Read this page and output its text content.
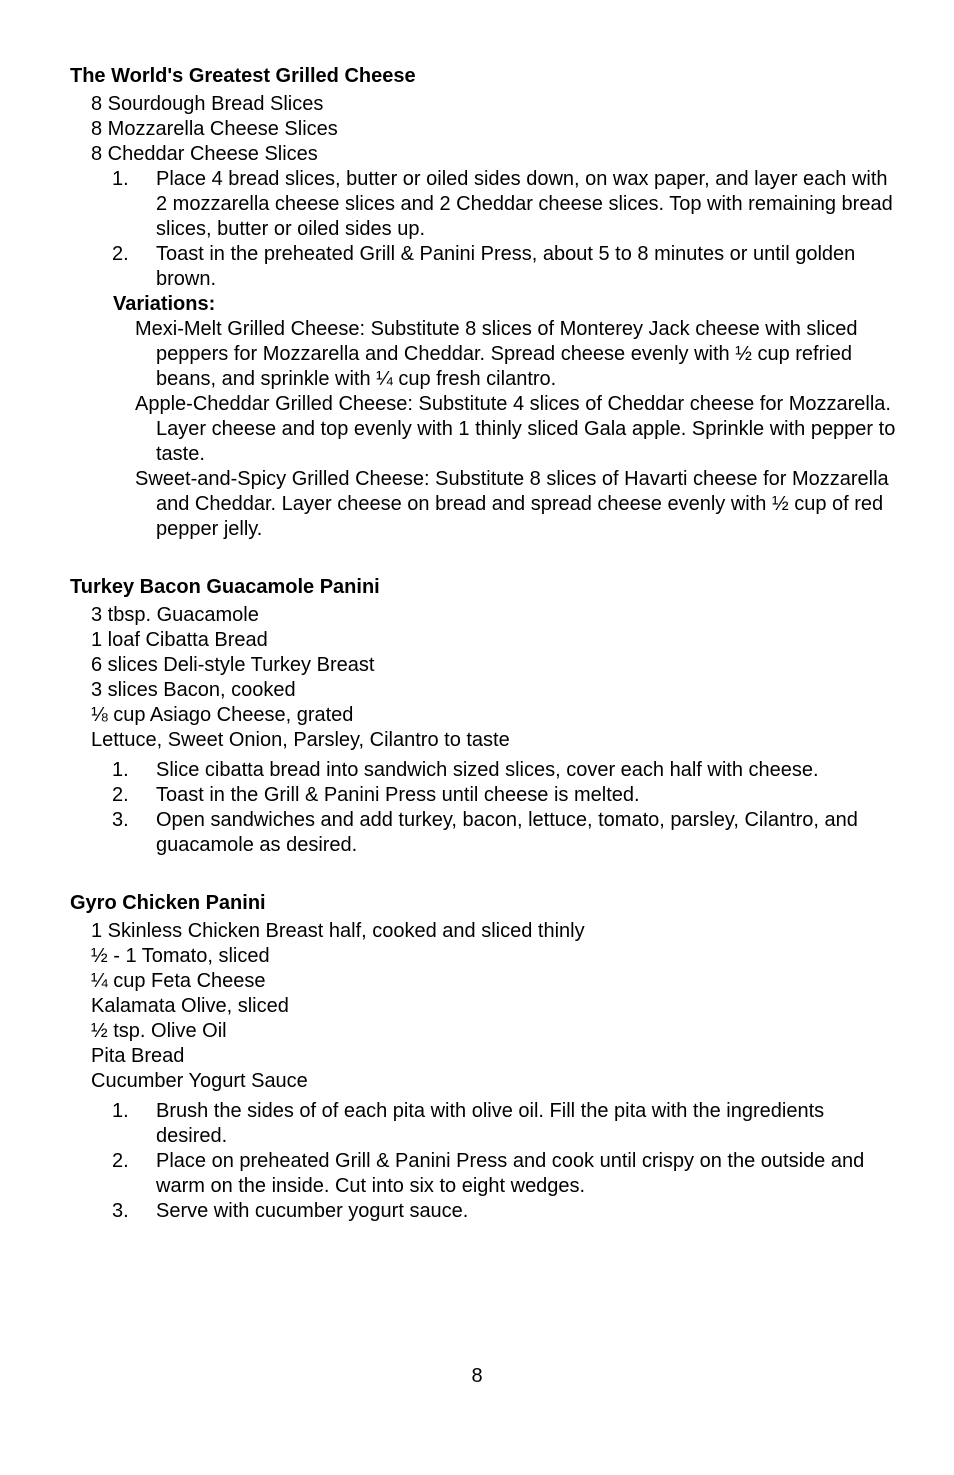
The World's Greatest Grilled Cheese
8 Sourdough Bread Slices
8 Mozzarella Cheese Slices
8 Cheddar Cheese Slices
1. Place 4 bread slices, butter or oiled sides down, on wax paper, and layer each with 2 mozzarella cheese slices and 2 Cheddar cheese slices. Top with remaining bread slices, butter or oiled sides up.
2. Toast in the preheated Grill & Panini Press, about 5 to 8 minutes or until golden brown.
Variations:
Mexi-Melt Grilled Cheese: Substitute 8 slices of Monterey Jack cheese with sliced peppers for Mozzarella and Cheddar. Spread cheese evenly with ½ cup refried beans, and sprinkle with ¼ cup fresh cilantro.
Apple-Cheddar Grilled Cheese: Substitute 4 slices of Cheddar cheese for Mozzarella. Layer cheese and top evenly with 1 thinly sliced Gala apple. Sprinkle with pepper to taste.
Sweet-and-Spicy Grilled Cheese: Substitute 8 slices of Havarti cheese for Mozzarella and Cheddar. Layer cheese on bread and spread cheese evenly with ½ cup of red pepper jelly.
Turkey Bacon Guacamole Panini
3 tbsp. Guacamole
1 loaf Cibatta Bread
6 slices Deli-style Turkey Breast
3 slices Bacon, cooked
⅛ cup Asiago Cheese, grated
Lettuce, Sweet Onion, Parsley, Cilantro to taste
1. Slice cibatta bread into sandwich sized slices, cover each half with cheese.
2. Toast in the Grill & Panini Press until cheese is melted.
3. Open sandwiches and add turkey, bacon, lettuce, tomato, parsley, Cilantro, and guacamole as desired.
Gyro Chicken Panini
1 Skinless Chicken Breast half, cooked and sliced thinly
½ - 1 Tomato, sliced
¼ cup Feta Cheese
Kalamata Olive, sliced
½ tsp. Olive Oil
Pita Bread
Cucumber Yogurt Sauce
1. Brush the sides of of each pita with olive oil. Fill the pita with the ingredients desired.
2. Place on preheated Grill & Panini Press and cook until crispy on the outside and warm on the inside. Cut into six to eight wedges.
3. Serve with cucumber yogurt sauce.
8
